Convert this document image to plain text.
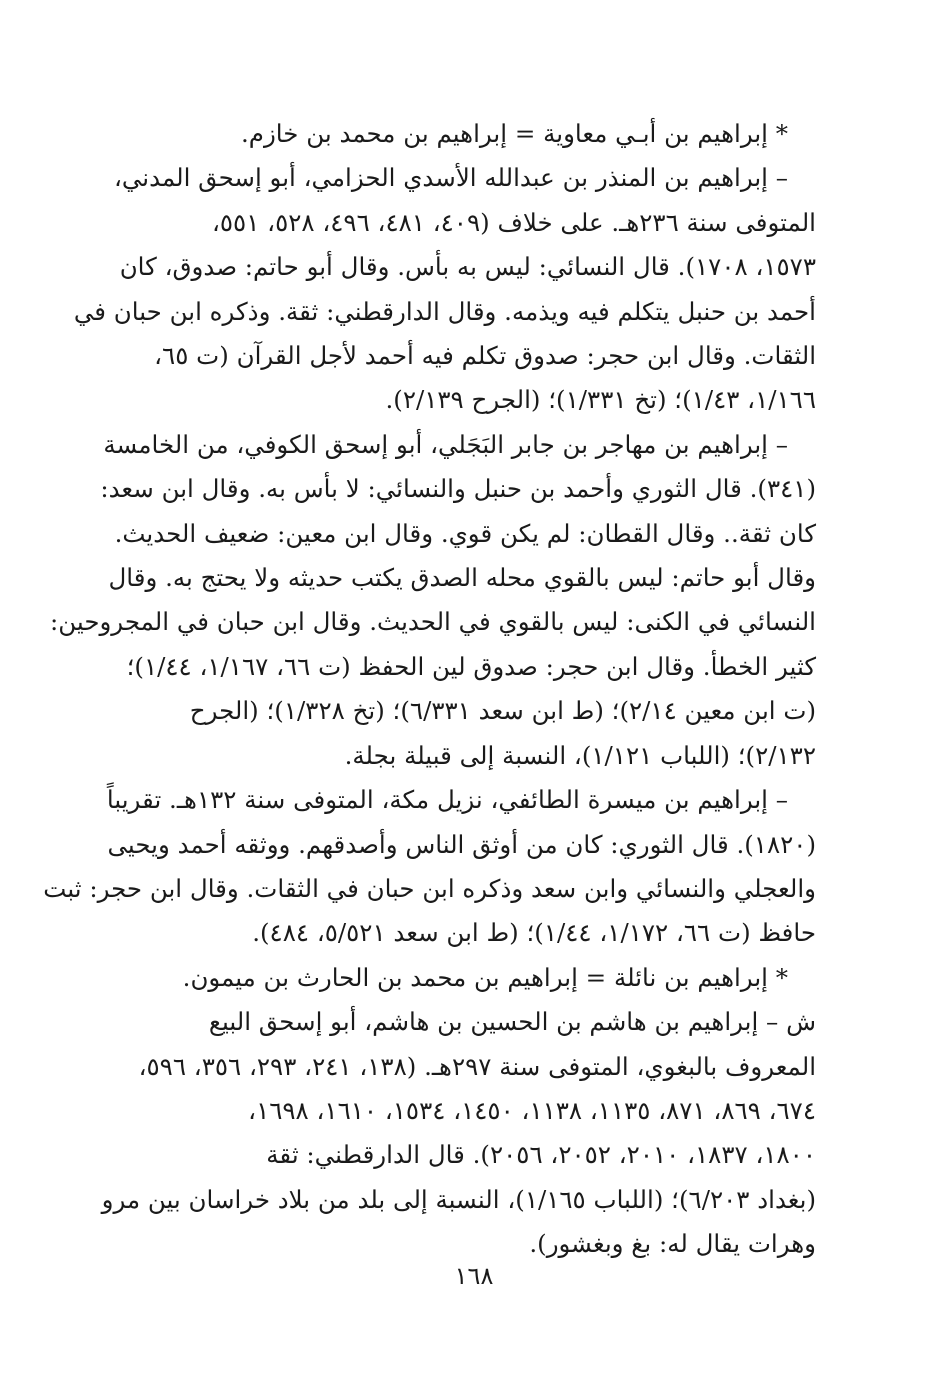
* إبراهيم بن أبـي معاوية = إبراهيم بن محمد بن خازم.

– إبراهيم بن المنذر بن عبدالله الأسدي الحزامي، أبو إسحق المدني،
المتوفى سنة ٢٣٦هـ. على خلاف (٤٠٩، ٤٨١، ٤٩٦، ٥٢٨، ٥٥١،
١٥٧٣، ١٧٠٨). قال النسائي: ليس به بأس. وقال أبو حاتم: صدوق، كان
أحمد بن حنبل يتكلم فيه ويذمه. وقال الدارقطني: ثقة. وذكره ابن حبان في
الثقات. وقال ابن حجر: صدوق تكلم فيه أحمد لأجل القرآن (ت ٦٥،
١/١٦٦، ١/٤٣)؛ (تخ ١/٣٣١)؛ (الجرح ٢/١٣٩).

– إبراهيم بن مهاجر بن جابر البَجَلي، أبو إسحق الكوفي، من الخامسة
(٣٤١). قال الثوري وأحمد بن حنبل والنسائي: لا بأس به. وقال ابن سعد:
كان ثقة.. وقال القطان: لم يكن قوي. وقال ابن معين: ضعيف الحديث.
وقال أبو حاتم: ليس بالقوي محله الصدق يكتب حديثه ولا يحتج به. وقال
النسائي في الكنى: ليس بالقوي في الحديث. وقال ابن حبان في المجروحين:
كثير الخطأ. وقال ابن حجر: صدوق لين الحفظ (ت ٦٦، ١/١٦٧، ١/٤٤)؛
(ت ابن معين ٢/١٤)؛ (ط ابن سعد ٦/٣٣١)؛ (تخ ١/٣٢٨)؛ (الجرح
٢/١٣٢)؛ (اللباب ١/١٢١)، النسبة إلى قبيلة بجلة.

– إبراهيم بن ميسرة الطائفي، نزيل مكة، المتوفى سنة ١٣٢هـ. تقريباً
(١٨٢٠). قال الثوري: كان من أوثق الناس وأصدقهم. ووثقه أحمد ويحيى
والعجلي والنسائي وابن سعد وذكره ابن حبان في الثقات. وقال ابن حجر: ثبت
حافظ (ت ٦٦، ١/١٧٢، ١/٤٤)؛ (ط ابن سعد ٥/٥٢١، ٤٨٤).

* إبراهيم بن نائلة = إبراهيم بن محمد بن الحارث بن ميمون.

ش – إبراهيم بن هاشم بن الحسين بن هاشم، أبو إسحق البيع
المعروف بالبغوي، المتوفى سنة ٢٩٧هـ. (١٣٨، ٢٤١، ٢٩٣، ٣٥٦، ٥٩٦،
٦٧٤، ٨٦٩، ٨٧١، ١١٣٥، ١١٣٨، ١٤٥٠، ١٥٣٤، ١٦١٠، ١٦٩٨،
١٨٠٠، ١٨٣٧، ٢٠١٠، ٢٠٥٢، ٢٠٥٦). قال الدارقطني: ثقة
(بغداد ٦/٢٠٣)؛ (اللباب ١/١٦٥)، النسبة إلى بلد من بلاد خراسان بين مرو
وهرات يقال له: بغ وبغشور).

١٦٨
